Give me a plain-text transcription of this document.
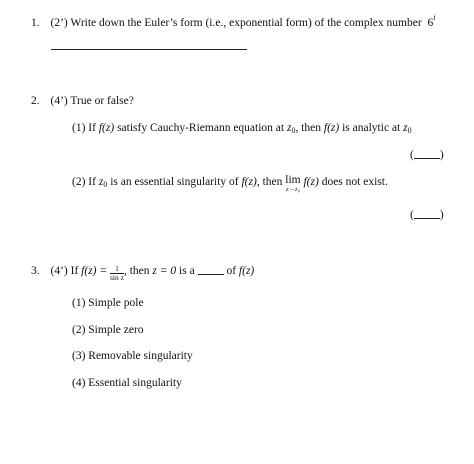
1. (2’) Write down the Euler’s form (i.e., exponential form) of the complex number 6$^i$
2. (4’) True or false?
(1) If f(z) satisfy Cauchy-Riemann equation at $z_0$, then f(z) is analytic at $z_0$
( )
(2) If $z_0$ is an essential singularity of f(z), then lim
z→z₀
f(z) does not exist.
( )
3. (4’) If $f(z) = \frac{1}{\text{sin z}}$ , then z = 0 is a	of f(z)
(1) Simple pole
(2) Simple zero
(3) Removable singularity
(4) Essential singularity
